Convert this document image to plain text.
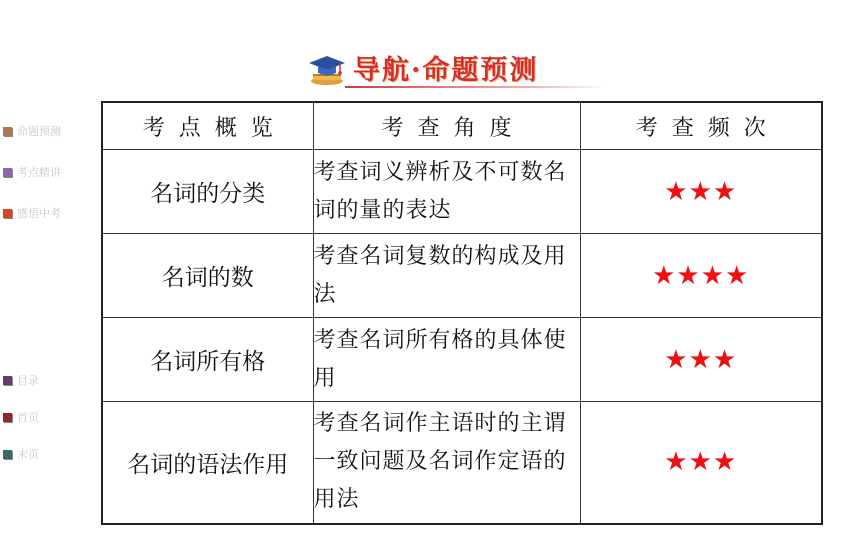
导航·命题预测
命题预测
考点精讲
感悟中考
目录
首页
末页
考  点  概  览	考  查  角  度	考  查  频  次
名词的分类	考查词义辨析及不可数名词的量的表达	★★★
名词的数	考查名词复数的构成及用法	★★★★
名词所有格	考查名词所有格的具体使用	★★★
名词的语法作用	考查名词作主语时的主谓一致问题及名词作定语的用法	★★★
